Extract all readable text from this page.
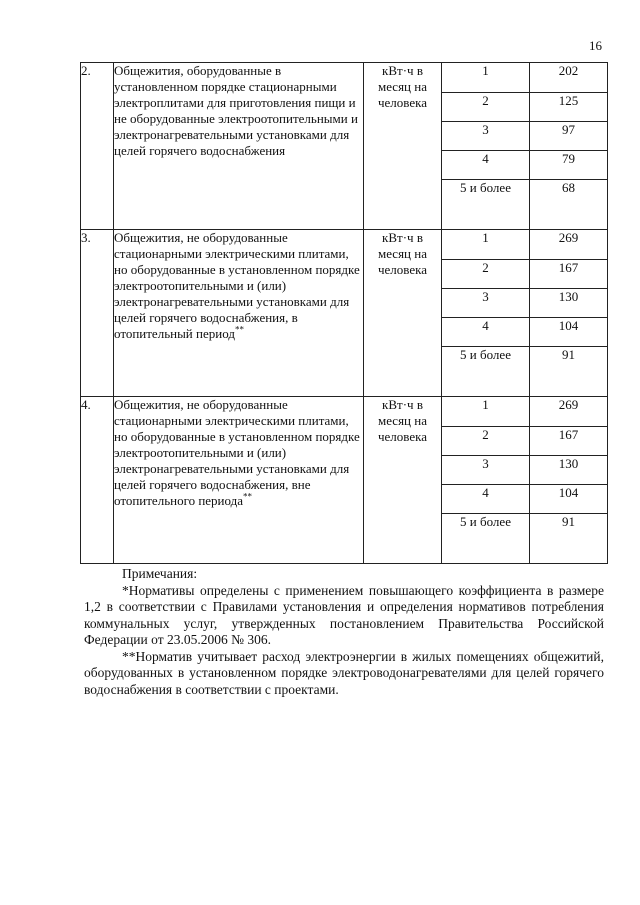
16
2.	Общежития, оборудованные в установленном порядке стационарными электроплитами для приготовления пищи и не оборудованные электроотопительными и электронагревательными установками для целей горячего водоснабжения	кВт·ч в месяц на человека	1	202
			2	125
			3	97
			4	79
			5 и более	68
3.	Общежития, не оборудованные стационарными электрическими плитами, но оборудованные в установленном порядке электроотопительными и (или) электронагревательными установками для целей горячего водоснабжения, в отопительный период**	кВт·ч в месяц на человека	1	269
			2	167
			3	130
			4	104
			5 и более	91
4.	Общежития, не оборудованные стационарными электрическими плитами, но оборудованные в установленном порядке электроотопительными и (или) электронагревательными установками для целей горячего водоснабжения, вне отопительного периода**	кВт·ч в месяц на человека	1	269
			2	167
			3	130
			4	104
			5 и более	91

Примечания:

*Нормативы определены с применением повышающего коэффициента в размере 1,2 в соответствии с Правилами установления и определения нормативов потребления коммунальных услуг, утвержденных постановлением Правительства Российской Федерации от 23.05.2006 № 306.

**Норматив учитывает расход электроэнергии в жилых помещениях общежитий, оборудованных в установленном порядке электроводонагревателями для целей горячего водоснабжения в соответствии с проектами.
